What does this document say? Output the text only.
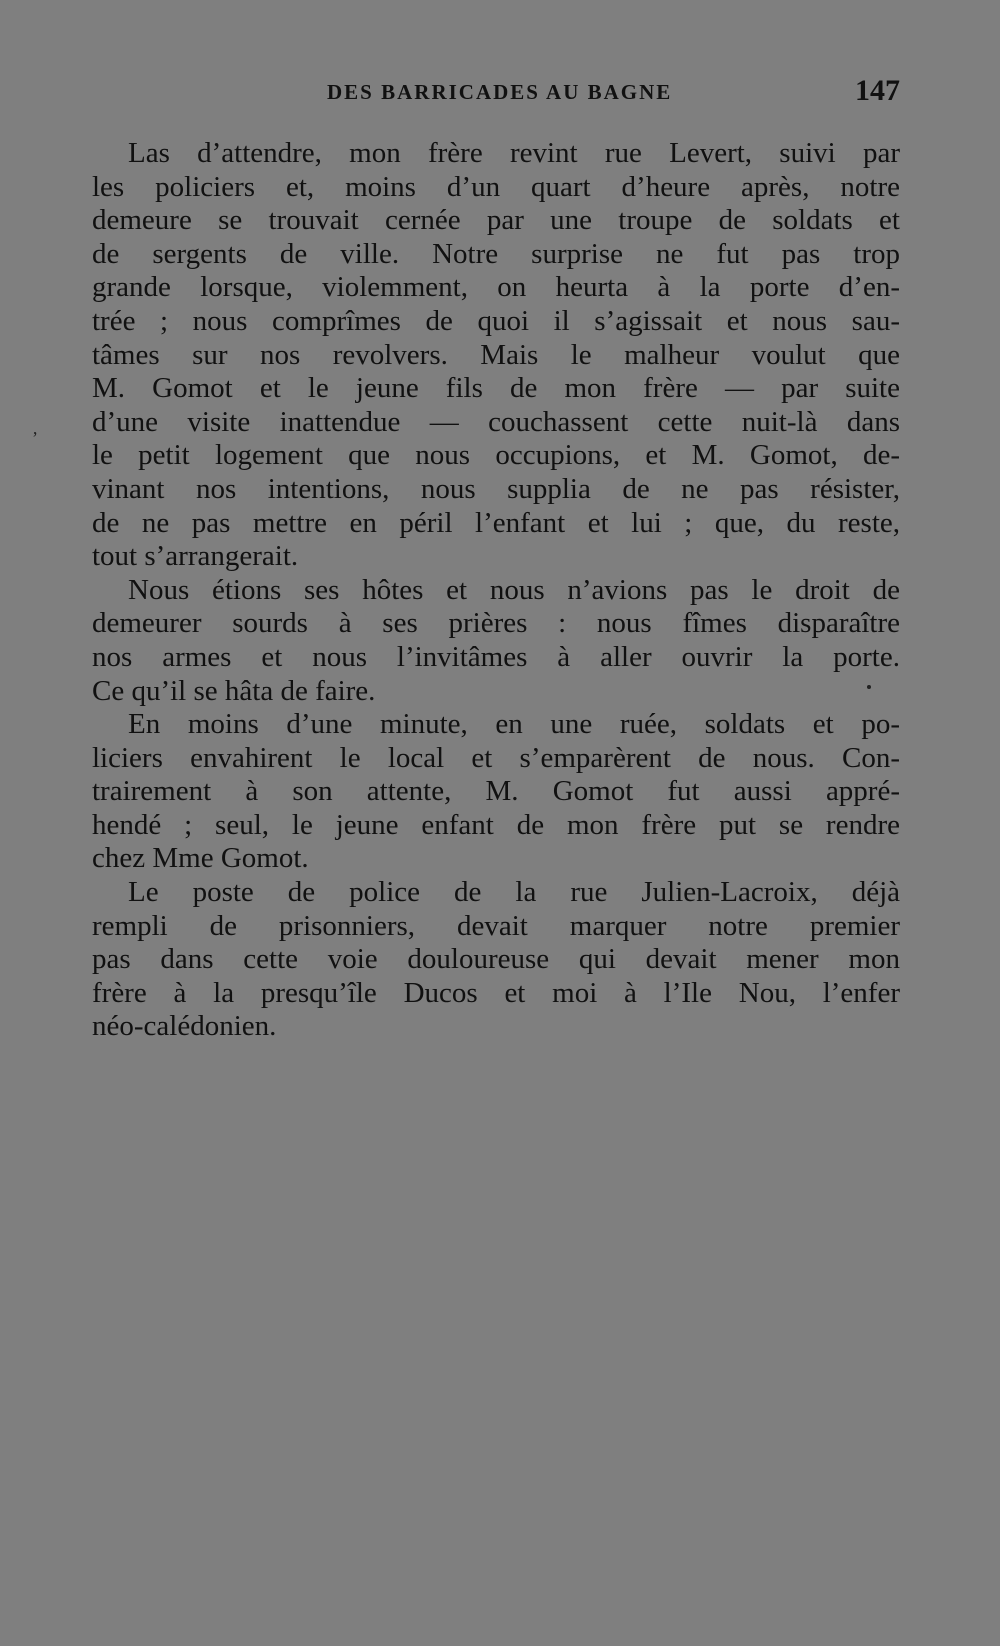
DES BARRICADES AU BAGNE	147
ʼ
Las d’attendre, mon frère revint rue Levert, suivi par
les policiers et, moins d’un quart d’heure après, notre
demeure se trouvait cernée par une troupe de soldats et
de sergents de ville. Notre surprise ne fut pas trop
grande lorsque, violemment, on heurta à la porte d’en-
trée ; nous comprîmes de quoi il s’agissait et nous sau-
tâmes sur nos revolvers. Mais le malheur voulut que
M. Gomot et le jeune fils de mon frère — par suite
d’une visite inattendue — couchassent cette nuit-là dans
le petit logement que nous occupions, et M. Gomot, de-
vinant nos intentions, nous supplia de ne pas résister,
de ne pas mettre en péril l’enfant et lui ; que, du reste,
tout s’arrangerait.
Nous étions ses hôtes et nous n’avions pas le droit de
demeurer sourds à ses prières : nous fîmes disparaître
nos armes et nous l’invitâmes à aller ouvrir la porte.
Ce qu’il se hâta de faire.
En moins d’une minute, en une ruée, soldats et po-
liciers envahirent le local et s’emparèrent de nous. Con-
trairement à son attente, M. Gomot fut aussi appré-
hendé ; seul, le jeune enfant de mon frère put se rendre
chez Mme Gomot.
Le poste de police de la rue Julien-Lacroix, déjà
rempli de prisonniers, devait marquer notre premier
pas dans cette voie douloureuse qui devait mener mon
frère à la presqu’île Ducos et moi à l’Ile Nou, l’enfer
néo-calédonien.
